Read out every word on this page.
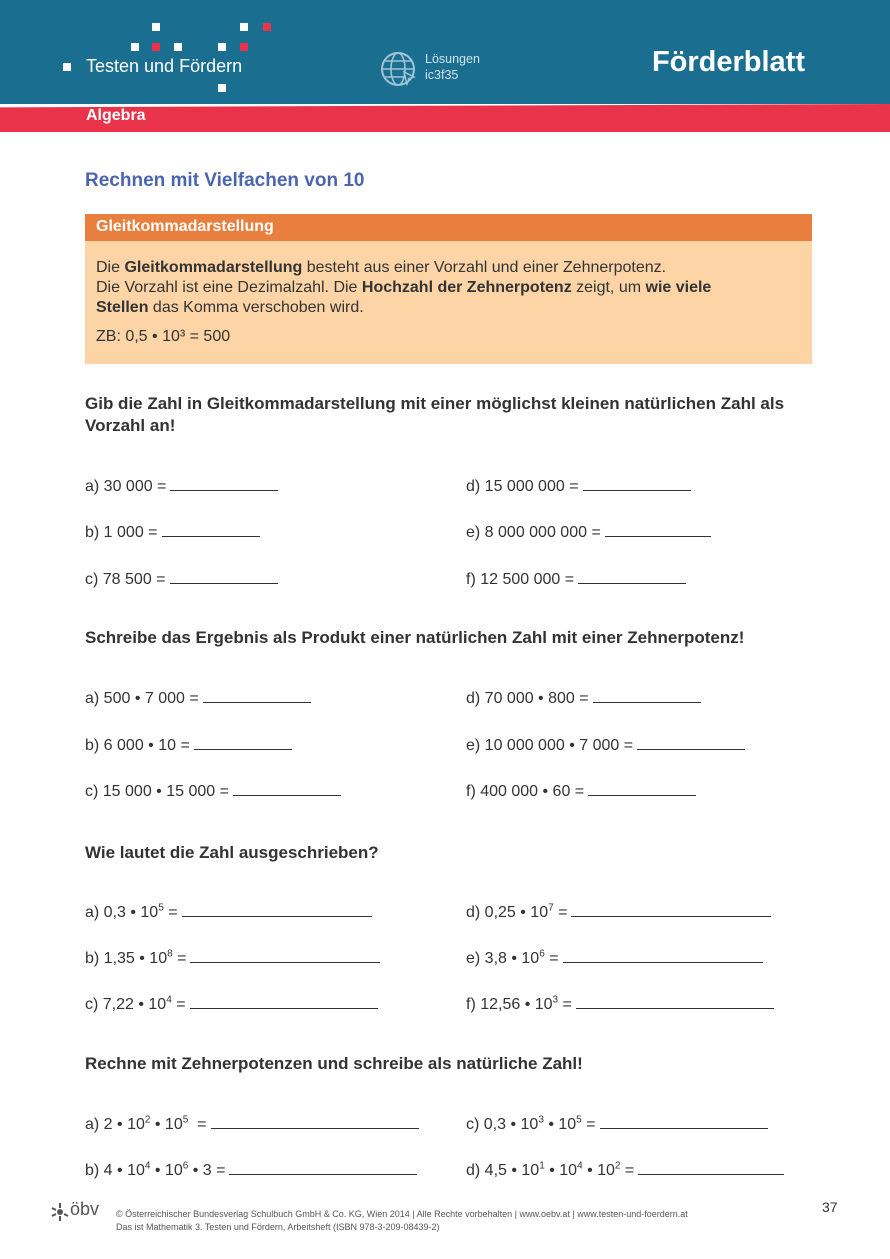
Testen und Fördern	Lösungen
ic3f35	Förderblatt
Algebra
Rechnen mit Vielfachen von 10
Gleitkommadarstellung
Die Gleitkommadarstellung besteht aus einer Vorzahl und einer Zehnerpotenz.
Die Vorzahl ist eine Dezimalzahl. Die Hochzahl der Zehnerpotenz zeigt, um wie viele
Stellen das Komma verschoben wird.
ZB: 0,5 • 10³ = 500
Gib die Zahl in Gleitkommadarstellung mit einer möglichst kleinen natürlichen Zahl als Vorzahl an!
a) 30 000 =	d) 15 000 000 =
b) 1 000 =	e) 8 000 000 000 =
c) 78 500 =	f) 12 500 000 =
Schreibe das Ergebnis als Produkt einer natürlichen Zahl mit einer Zehnerpotenz!
a) 500 • 7 000 =	d) 70 000 • 800 =
b) 6 000 • 10 =	e) 10 000 000 • 7 000 =
c) 15 000 • 15 000 =	f) 400 000 • 60 =
Wie lautet die Zahl ausgeschrieben?
a) 0,3 • $10^5$ =	d) 0,25 • $10^7$ =
b) 1,35 • $10^8$ =	e) 3,8 • $10^6$ =
c) 7,22 • $10^4$ =	f) 12,56 • $10^3$ =
Rechne mit Zehnerpotenzen und schreibe als natürliche Zahl!
a) 2 • $10^2$ • $10^5$  =	c) 0,3 • $10^3$ • $10^5$ =
b) 4 • $10^4$ • $10^6$ • 3 =	d) 4,5 • $10^1$ • $10^4$ • $10^2$ =
öbv © Österreichischer Bundesverlag Schulbuch GmbH & Co. KG, Wien 2014 | Alle Rechte vorbehalten | www.oebv.at | www.testen-und-foerdern.at
Das ist Mathematik 3. Testen und Fördern, Arbeitsheft (ISBN 978-3-209-08439-2)
37
